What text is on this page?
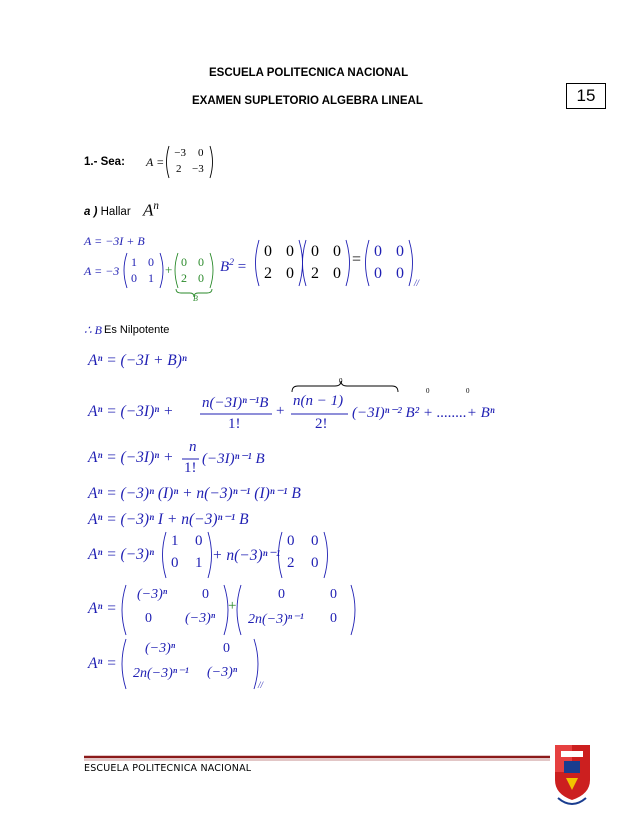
ESCUELA POLITECNICA NACIONAL
EXAMEN SUPLETORIO ALGEBRA LINEAL	15
1.- Sea: A =
−3 0
2 −3
a ) Hallar $A^n$
A = −3I + B
A = −3
1 0
0 1
+ 0 0
2 0
B
$B^2$ =
0 0
2 0
0 0
2 0
= 0 0
0 0
//
∴ B Es Nilpotente
Aⁿ = (−3I + B)ⁿ
0
0	0
Aⁿ = (−3I)ⁿ + n(−3I)ⁿ⁻¹B
1!
+
n(n − 1)
2!
(−3I)ⁿ⁻² B² + ........+ Bⁿ
Aⁿ = (−3I)ⁿ +
n
1!
(−3I)ⁿ⁻¹ B
Aⁿ = (−3)ⁿ (I)ⁿ + n(−3)ⁿ⁻¹ (I)ⁿ⁻¹ B
Aⁿ = (−3)ⁿ I + n(−3)ⁿ⁻¹ B
Aⁿ = (−3)ⁿ
1 0
0 1 + n(−3)ⁿ⁻¹
0 0
2 0
Aⁿ =
(−3)ⁿ 0
0 (−3)ⁿ
+
0	0
2n(−3)ⁿ⁻¹ 0
Aⁿ =
(−3)ⁿ	0
2n(−3)ⁿ⁻¹ (−3)ⁿ
//
ESCUELA POLITECNICA NACIONAL
